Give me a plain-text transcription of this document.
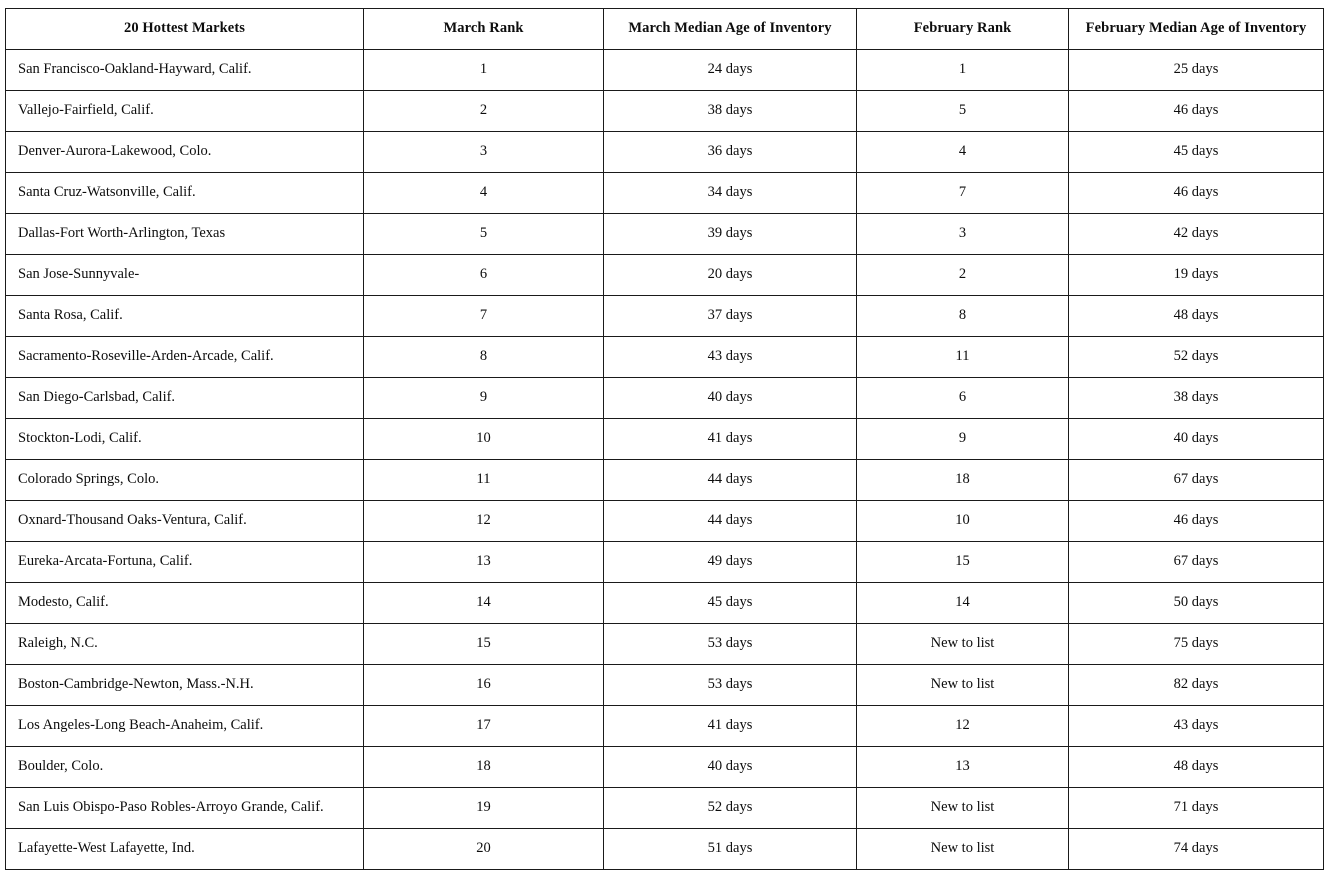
20 Hottest Markets	March Rank	March Median Age of Inventory	February Rank	February Median Age of Inventory
San Francisco-Oakland-Hayward, Calif.	1	24 days	1	25 days
Vallejo-Fairfield, Calif.	2	38 days	5	46 days
Denver-Aurora-Lakewood, Colo.	3	36 days	4	45 days
Santa Cruz-Watsonville, Calif.	4	34 days	7	46 days
Dallas-Fort Worth-Arlington, Texas	5	39 days	3	42 days
San Jose-Sunnyvale-	6	20 days	2	19 days
Santa Rosa, Calif.	7	37 days	8	48 days
Sacramento-Roseville-Arden-Arcade, Calif.	8	43 days	11	52 days
San Diego-Carlsbad, Calif.	9	40 days	6	38 days
Stockton-Lodi, Calif.	10	41 days	9	40 days
Colorado Springs, Colo.	11	44 days	18	67 days
Oxnard-Thousand Oaks-Ventura, Calif.	12	44 days	10	46 days
Eureka-Arcata-Fortuna, Calif.	13	49 days	15	67 days
Modesto, Calif.	14	45 days	14	50 days
Raleigh, N.C.	15	53 days	New to list	75 days
Boston-Cambridge-Newton, Mass.-N.H.	16	53 days	New to list	82 days
Los Angeles-Long Beach-Anaheim, Calif.	17	41 days	12	43 days
Boulder, Colo.	18	40 days	13	48 days
San Luis Obispo-Paso Robles-Arroyo Grande, Calif.	19	52 days	New to list	71 days
Lafayette-West Lafayette, Ind.	20	51 days	New to list	74 days
